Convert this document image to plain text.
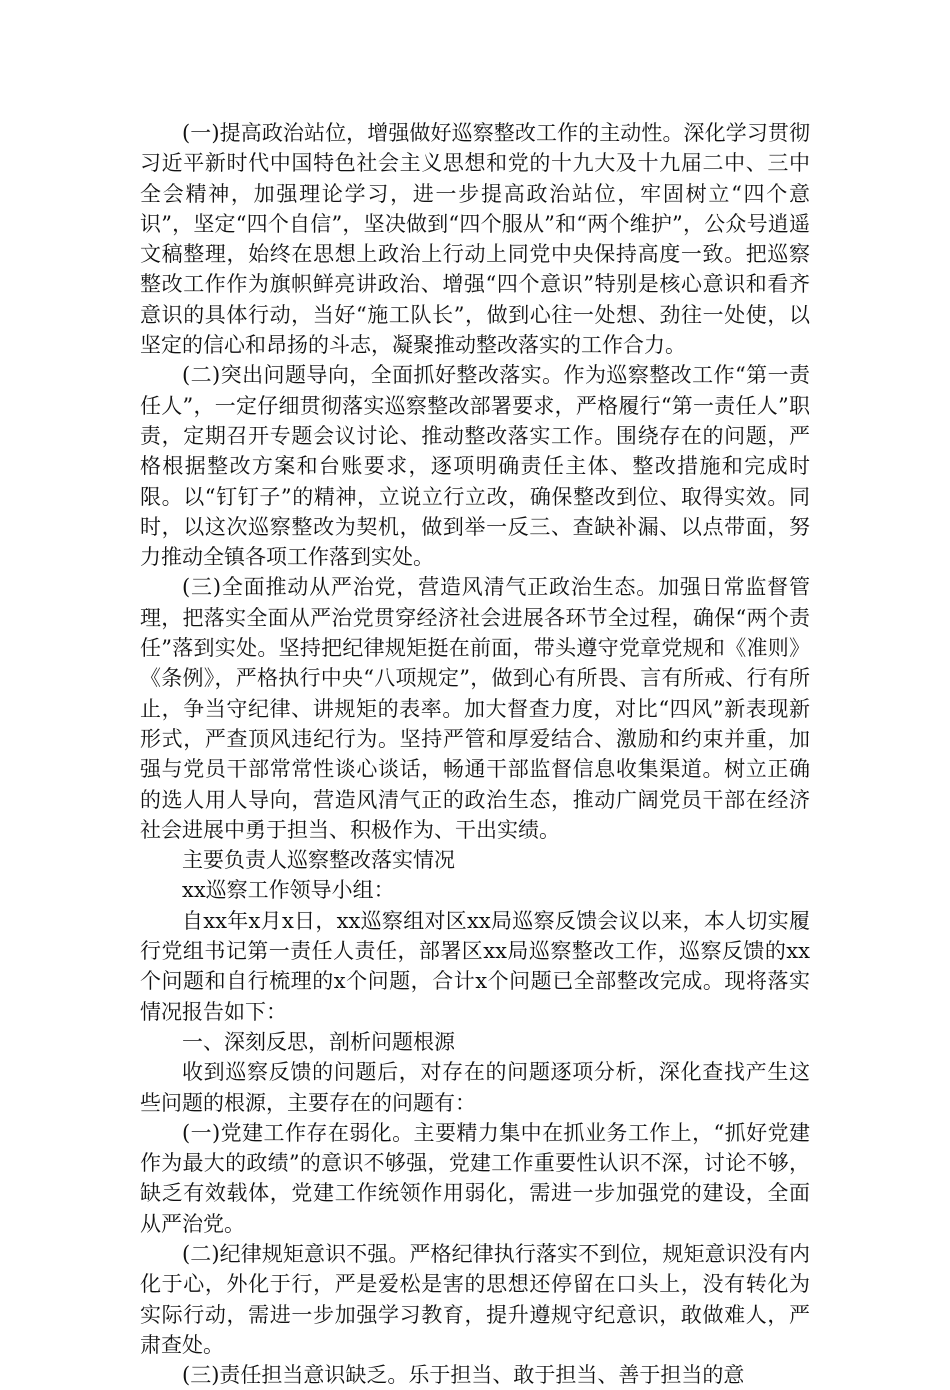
(一)提高政治站位，增强做好巡察整改工作的主动性。深化学习贯彻习近平新时代中国特色社会主义思想和党的十九大及十九届二中、三中全会精神，加强理论学习，进一步提高政治站位，牢固树立“四个意识”，坚定“四个自信”，坚决做到“四个服从”和“两个维护”，公众号逍遥文稿整理，始终在思想上政治上行动上同党中央保持高度一致。把巡察整改工作作为旗帜鲜亮讲政治、增强“四个意识”特别是核心意识和看齐意识的具体行动，当好“施工队长”，做到心往一处想、劲往一处使，以坚定的信心和昂扬的斗志，凝聚推动整改落实的工作合力。

(二)突出问题导向，全面抓好整改落实。作为巡察整改工作“第一责任人”，一定仔细贯彻落实巡察整改部署要求，严格履行“第一责任人”职责，定期召开专题会议讨论、推动整改落实工作。围绕存在的问题，严格根据整改方案和台账要求，逐项明确责任主体、整改措施和完成时限。以“钉钉子”的精神，立说立行立改，确保整改到位、取得实效。同时，以这次巡察整改为契机，做到举一反三、查缺补漏、以点带面，努力推动全镇各项工作落到实处。

(三)全面推动从严治党，营造风清气正政治生态。加强日常监督管理，把落实全面从严治党贯穿经济社会进展各环节全过程，确保“两个责任”落到实处。坚持把纪律规矩挺在前面，带头遵守党章党规和《准则》《条例》，严格执行中央“八项规定”，做到心有所畏、言有所戒、行有所止，争当守纪律、讲规矩的表率。加大督查力度，对比“四风”新表现新形式，严查顶风违纪行为。坚持严管和厚爱结合、激励和约束并重，加强与党员干部常常性谈心谈话，畅通干部监督信息收集渠道。树立正确的选人用人导向，营造风清气正的政治生态，推动广阔党员干部在经济社会进展中勇于担当、积极作为、干出实绩。

主要负责人巡察整改落实情况

xx巡察工作领导小组：

自xx年x月x日，xx巡察组对区xx局巡察反馈会议以来，本人切实履行党组书记第一责任人责任，部署区xx局巡察整改工作，巡察反馈的xx个问题和自行梳理的x个问题，合计x个问题已全部整改完成。现将落实情况报告如下：

一、深刻反思，剖析问题根源

收到巡察反馈的问题后，对存在的问题逐项分析，深化查找产生这些问题的根源，主要存在的问题有：

(一)党建工作存在弱化。主要精力集中在抓业务工作上，“抓好党建作为最大的政绩”的意识不够强，党建工作重要性认识不深，讨论不够，缺乏有效载体，党建工作统领作用弱化，需进一步加强党的建设，全面从严治党。

(二)纪律规矩意识不强。严格纪律执行落实不到位，规矩意识没有内化于心，外化于行，严是爱松是害的思想还停留在口头上，没有转化为实际行动，需进一步加强学习教育，提升遵规守纪意识，敢做难人，严肃查处。

(三)责任担当意识缺乏。乐于担当、敢于担当、善于担当的意
